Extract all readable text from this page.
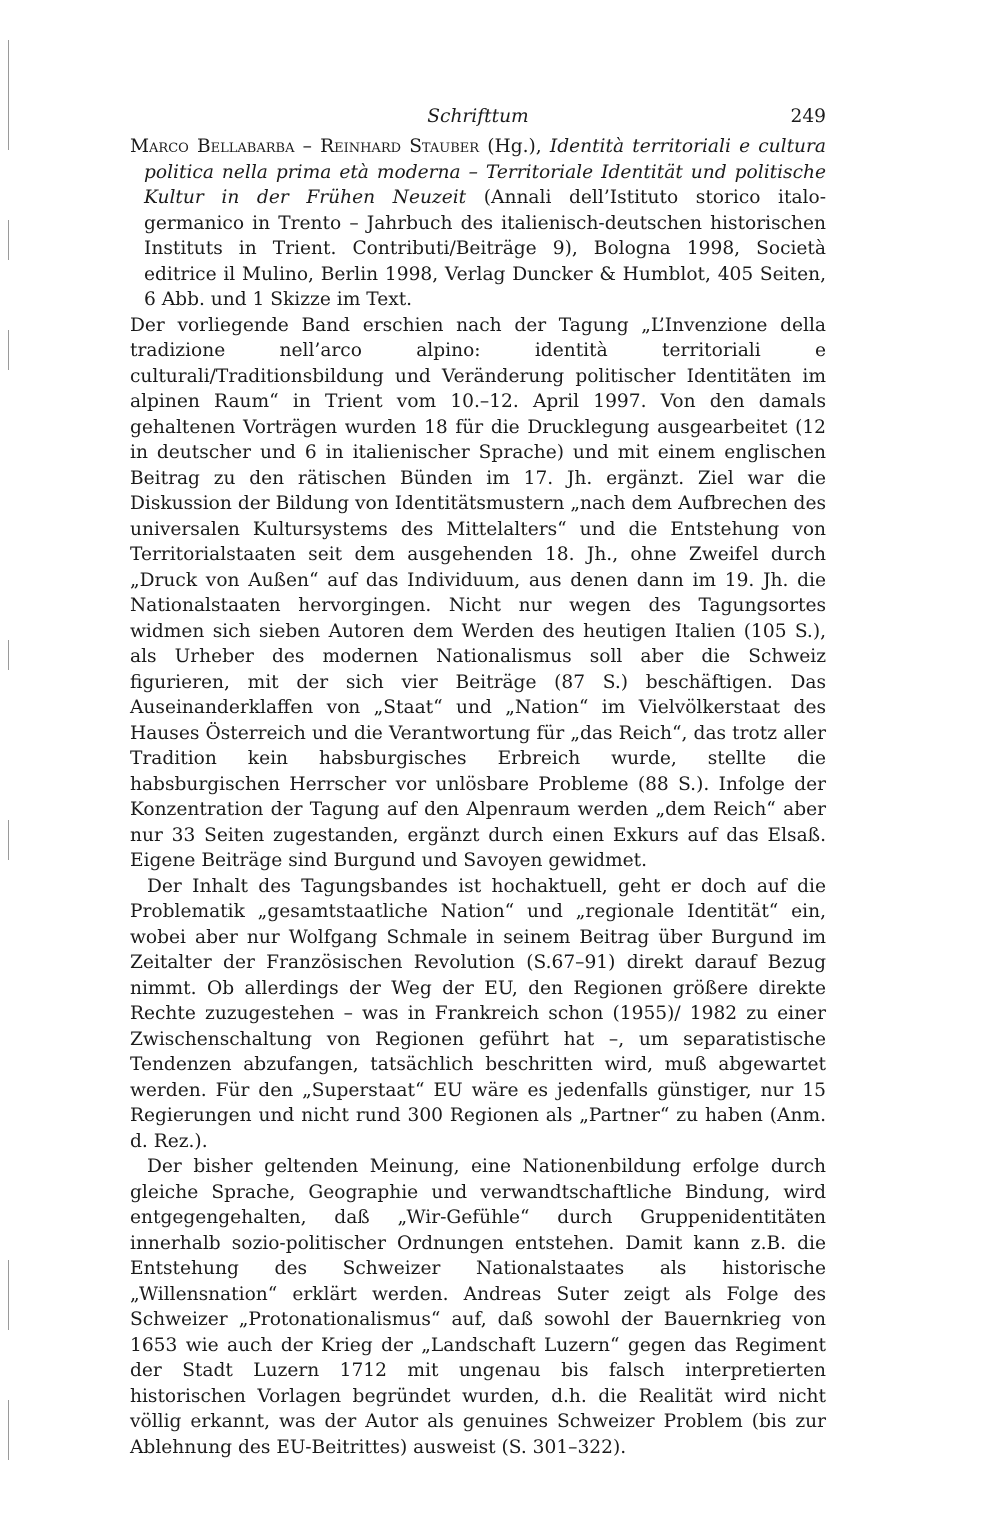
Schrifttum	249

Marco Bellabarba – Reinhard Stauber (Hg.), Identità territoriali e cultura politica nella prima età moderna – Territoriale Identität und politische Kultur in der Frühen Neuzeit (Annali dell’Istituto storico italo-germanico in Trento – Jahrbuch des italienisch-deutschen historischen Instituts in Trient. Contributi/Beiträge 9), Bologna 1998, Società editrice il Mulino, Berlin 1998, Verlag Duncker & Humblot, 405 Seiten, 6 Abb. und 1 Skizze im Text.

Der vorliegende Band erschien nach der Tagung „L’Invenzione della tradizione nell’arco alpino: identità territoriali e culturali/Traditionsbildung und Veränderung politischer Identitäten im alpinen Raum“ in Trient vom 10.–12. April 1997. Von den damals gehaltenen Vorträgen wurden 18 für die Drucklegung ausgearbeitet (12 in deutscher und 6 in italienischer Sprache) und mit einem englischen Beitrag zu den rätischen Bünden im 17. Jh. ergänzt. Ziel war die Diskussion der Bildung von Identitätsmustern „nach dem Aufbrechen des universalen Kultursystems des Mittelalters“ und die Entstehung von Territorialstaaten seit dem ausgehenden 18. Jh., ohne Zweifel durch „Druck von Außen“ auf das Individuum, aus denen dann im 19. Jh. die Nationalstaaten hervorgingen. Nicht nur wegen des Tagungsortes widmen sich sieben Autoren dem Werden des heutigen Italien (105 S.), als Urheber des modernen Nationalismus soll aber die Schweiz figurieren, mit der sich vier Beiträge (87 S.) beschäftigen. Das Auseinanderklaffen von „Staat“ und „Nation“ im Vielvölkerstaat des Hauses Österreich und die Verantwortung für „das Reich“, das trotz aller Tradition kein habsburgisches Erbreich wurde, stellte die habsburgischen Herrscher vor unlösbare Probleme (88 S.). Infolge der Konzentration der Tagung auf den Alpenraum werden „dem Reich“ aber nur 33 Seiten zugestanden, ergänzt durch einen Exkurs auf das Elsaß. Eigene Beiträge sind Burgund und Savoyen gewidmet.

Der Inhalt des Tagungsbandes ist hochaktuell, geht er doch auf die Problematik „gesamtstaatliche Nation“ und „regionale Identität“ ein, wobei aber nur Wolfgang Schmale in seinem Beitrag über Burgund im Zeitalter der Französischen Revolution (S.67–91) direkt darauf Bezug nimmt. Ob allerdings der Weg der EU, den Regionen größere direkte Rechte zuzugestehen – was in Frankreich schon (1955)/ 1982 zu einer Zwischenschaltung von Regionen geführt hat –, um separatistische Tendenzen abzufangen, tatsächlich beschritten wird, muß abgewartet werden. Für den „Superstaat“ EU wäre es jedenfalls günstiger, nur 15 Regierungen und nicht rund 300 Regionen als „Partner“ zu haben (Anm. d. Rez.).

Der bisher geltenden Meinung, eine Nationenbildung erfolge durch gleiche Sprache, Geographie und verwandtschaftliche Bindung, wird entgegengehalten, daß „Wir-Gefühle“ durch Gruppenidentitäten innerhalb sozio-politischer Ordnungen entstehen. Damit kann z.B. die Entstehung des Schweizer Nationalstaates als historische „Willensnation“ erklärt werden. Andreas Suter zeigt als Folge des Schweizer „Protonationalismus“ auf, daß sowohl der Bauernkrieg von 1653 wie auch der Krieg der „Landschaft Luzern“ gegen das Regiment der Stadt Luzern 1712 mit ungenau bis falsch interpretierten historischen Vorlagen begründet wurden, d.h. die Realität wird nicht völlig erkannt, was der Autor als genuines Schweizer Problem (bis zur Ablehnung des EU-Beitrittes) ausweist (S. 301–322).
